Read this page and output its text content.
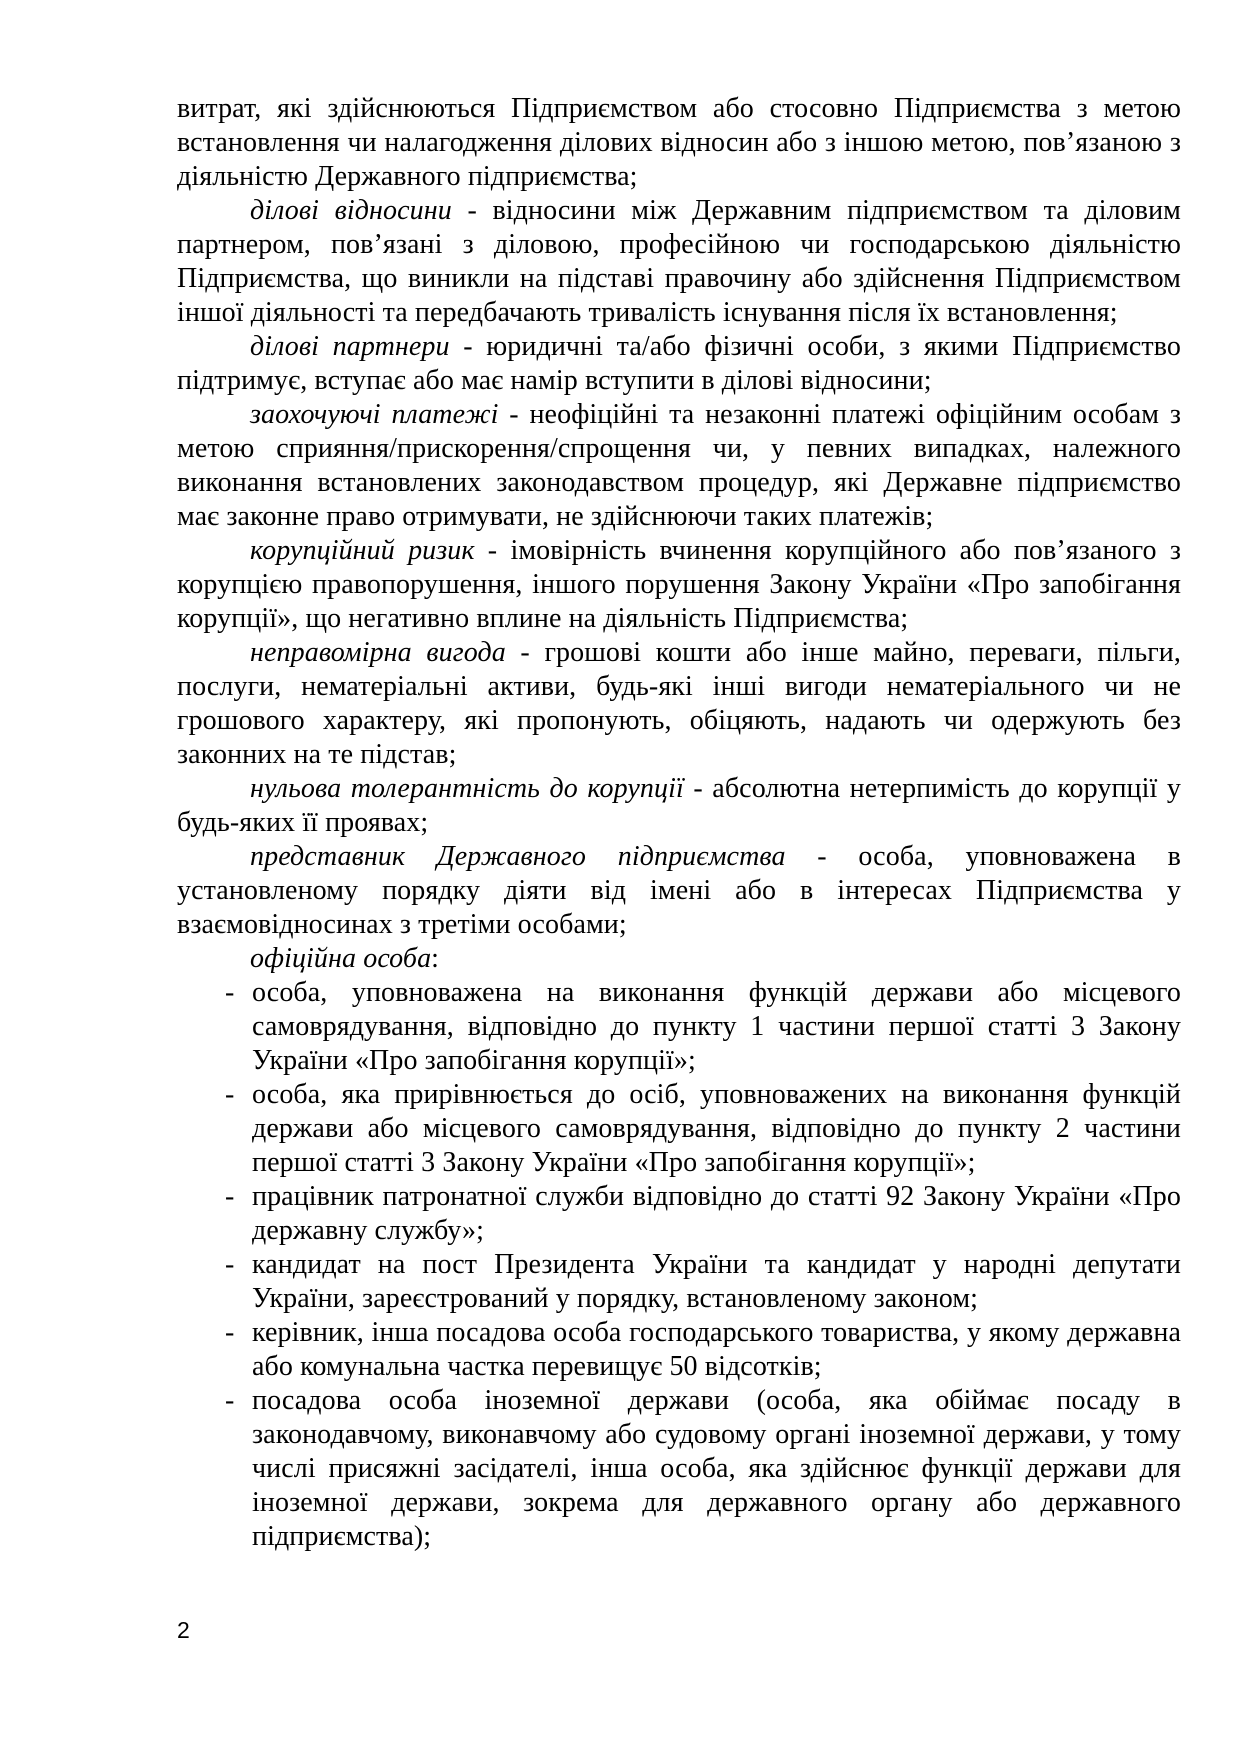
витрат, які здійснюються Підприємством або стосовно Підприємства з метою встановлення чи налагодження ділових відносин або з іншою метою, пов’язаною з діяльністю Державного підприємства;

ділові відносини - відносини між Державним підприємством та діловим партнером, пов’язані з діловою, професійною чи господарською діяльністю Підприємства, що виникли на підставі правочину або здійснення Підприємством іншої діяльності та передбачають тривалість існування після їх встановлення;

ділові партнери - юридичні та/або фізичні особи, з якими Підприємство підтримує, вступає або має намір вступити в ділові відносини;

заохочуючі платежі - неофіційні та незаконні платежі офіційним особам з метою сприяння/прискорення/спрощення чи, у певних випадках, належного виконання встановлених законодавством процедур, які Державне підприємство має законне право отримувати, не здійснюючи таких платежів;

корупційний ризик - імовірність вчинення корупційного або пов’язаного з корупцією правопорушення, іншого порушення Закону України «Про запобігання корупції», що негативно вплине на діяльність Підприємства;

неправомірна вигода - грошові кошти або інше майно, переваги, пільги, послуги, нематеріальні активи, будь-які інші вигоди нематеріального чи не грошового характеру, які пропонують, обіцяють, надають чи одержують без законних на те підстав;

нульова толерантність до корупції - абсолютна нетерпимість до корупції у будь-яких її проявах;

представник Державного підприємства - особа, уповноважена в установленому порядку діяти від імені або в інтересах Підприємства у взаємовідносинах з третіми особами;

офіційна особа:

- особа, уповноважена на виконання функцій держави або місцевого самоврядування, відповідно до пункту 1 частини першої статті 3 Закону України «Про запобігання корупції»;
- особа, яка прирівнюється до осіб, уповноважених на виконання функцій держави або місцевого самоврядування, відповідно до пункту 2 частини першої статті 3 Закону України «Про запобігання корупції»;
- працівник патронатної служби відповідно до статті 92 Закону України «Про державну службу»;
- кандидат на пост Президента України та кандидат у народні депутати України, зареєстрований у порядку, встановленому законом;
- керівник, інша посадова особа господарського товариства, у якому державна або комунальна частка перевищує 50 відсотків;
- посадова особа іноземної держави (особа, яка обіймає посаду в законодавчому, виконавчому або судовому органі іноземної держави, у тому числі присяжні засідателі, інша особа, яка здійснює функції держави для іноземної держави, зокрема для державного органу або державного підприємства);
2
